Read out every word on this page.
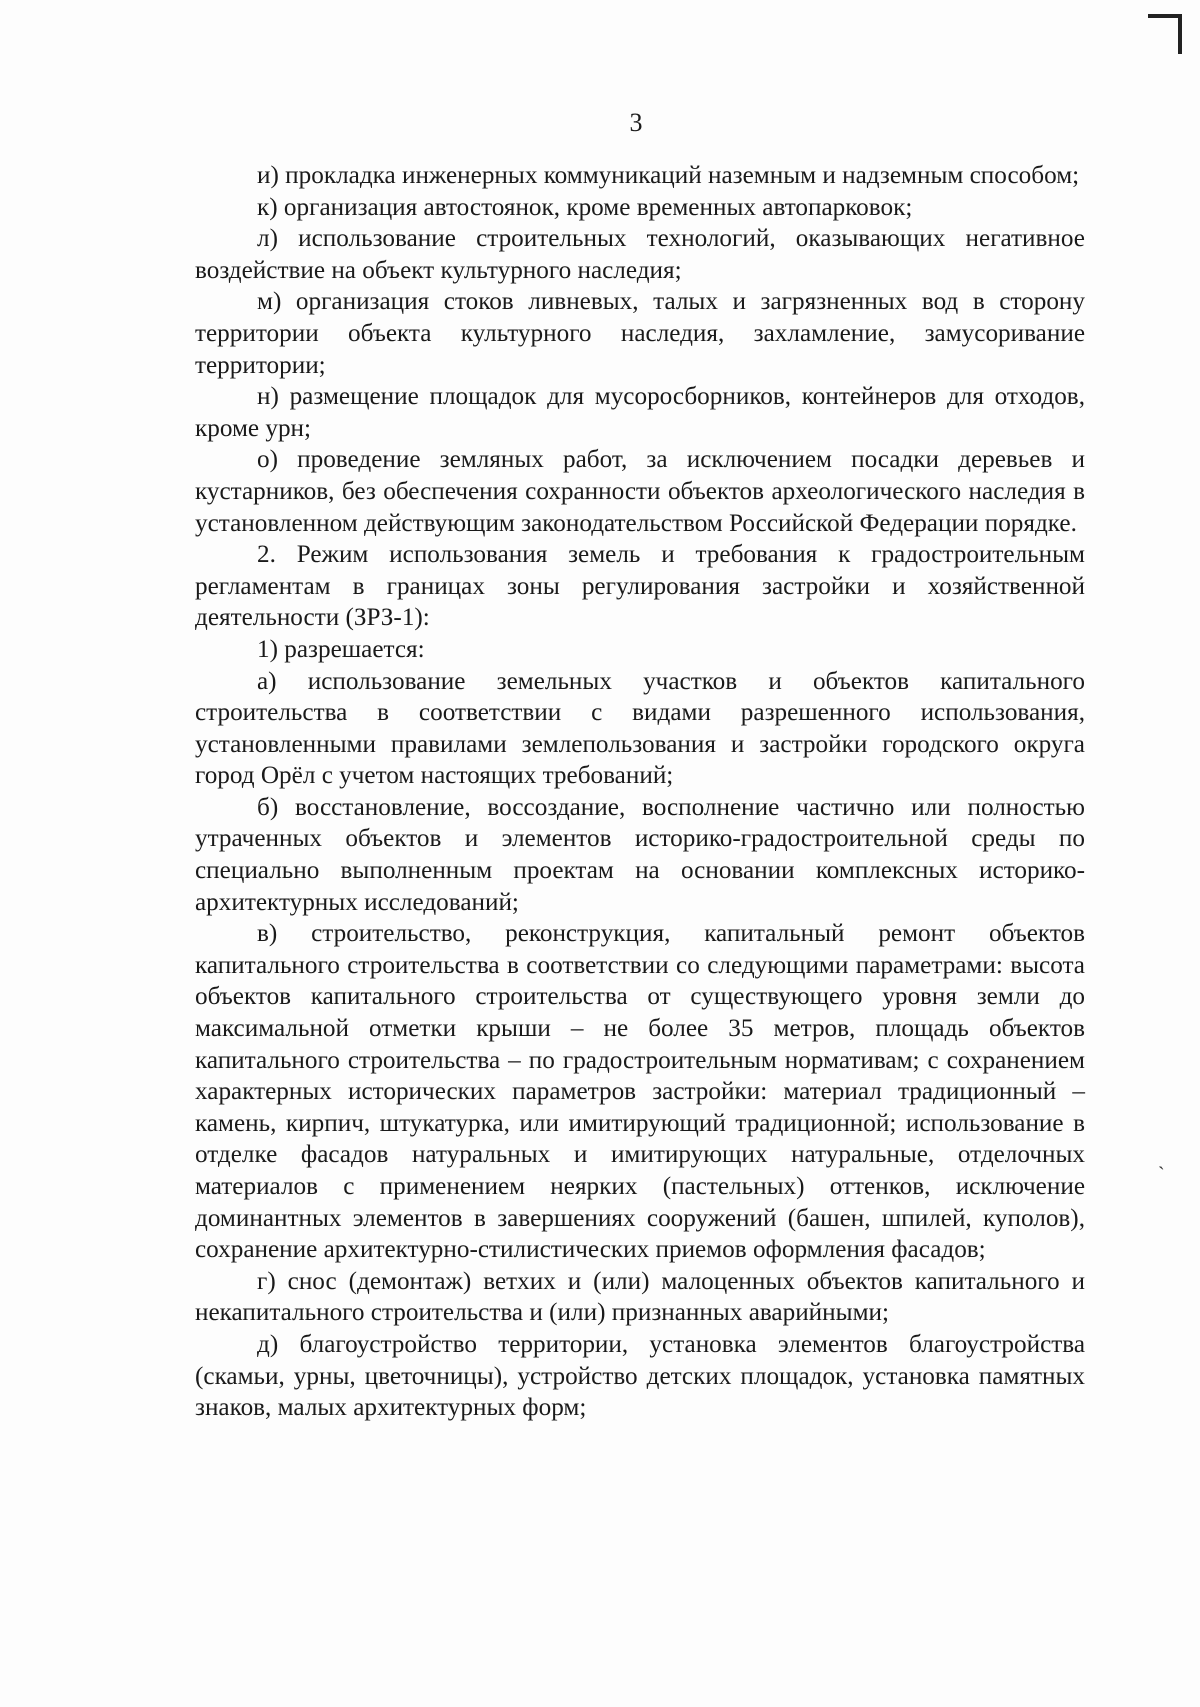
3

и) прокладка инженерных коммуникаций наземным и надземным способом;

к) организация автостоянок, кроме временных автопарковок;

л) использование строительных технологий, оказывающих негативное воздействие на объект культурного наследия;

м) организация стоков ливневых, талых и загрязненных вод в сторону территории объекта культурного наследия, захламление, замусоривание территории;

н) размещение площадок для мусоросборников, контейнеров для отходов, кроме урн;

о) проведение земляных работ, за исключением посадки деревьев и кустарников, без обеспечения сохранности объектов археологического наследия в установленном действующим законодательством Российской Федерации порядке.

2. Режим использования земель и требования к градостроительным регламентам в границах зоны регулирования застройки и хозяйственной деятельности (ЗРЗ-1):

1) разрешается:

а) использование земельных участков и объектов капитального строительства в соответствии с видами разрешенного использования, установленными правилами землепользования и застройки городского округа город Орёл с учетом настоящих требований;

б) восстановление, воссоздание, восполнение частично или полностью утраченных объектов и элементов историко-градостроительной среды по специально выполненным проектам на основании комплексных историко-архитектурных исследований;

в) строительство, реконструкция, капитальный ремонт объектов капитального строительства в соответствии со следующими параметрами: высота объектов капитального строительства от существующего уровня земли до максимальной отметки крыши – не более 35 метров, площадь объектов капитального строительства – по градостроительным нормативам; с сохранением характерных исторических параметров застройки: материал традиционный – камень, кирпич, штукатурка, или имитирующий традиционной; использование в отделке фасадов натуральных и имитирующих натуральные, отделочных материалов с применением неярких (пастельных) оттенков, исключение доминантных элементов в завершениях сооружений (башен, шпилей, куполов), сохранение архитектурно-стилистических приемов оформления фасадов;

г) снос (демонтаж) ветхих и (или) малоценных объектов капитального и некапитального строительства и (или) признанных аварийными;

д) благоустройство территории, установка элементов благоустройства (скамьи, урны, цветочницы), устройство детских площадок, установка памятных знаков, малых архитектурных форм;

ˏ
